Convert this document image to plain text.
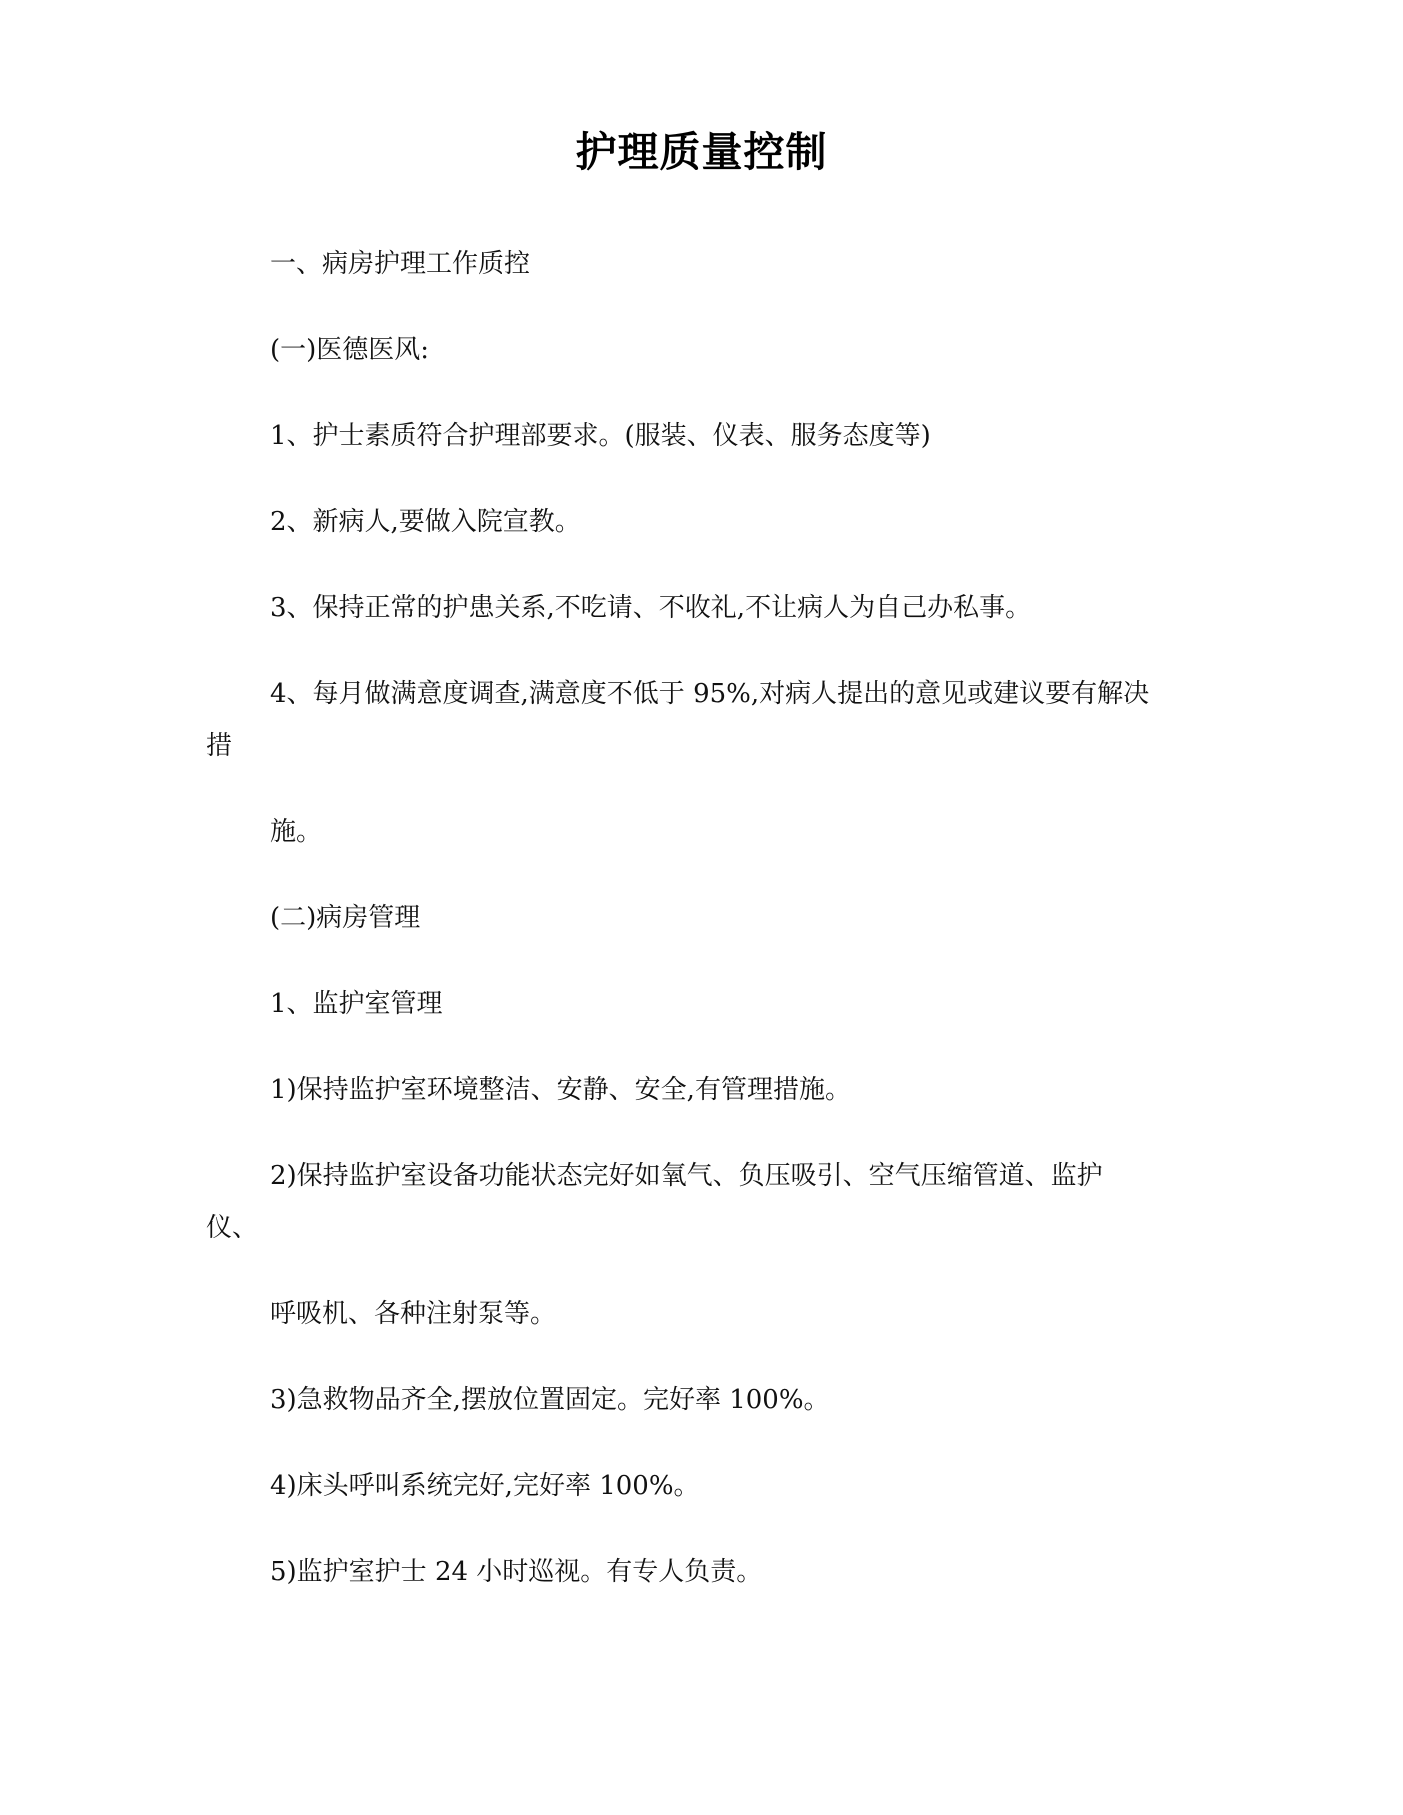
护理质量控制
一、病房护理工作质控
(一)医德医风:
1、护士素质符合护理部要求。(服装、仪表、服务态度等)
2、新病人,要做入院宣教。
3、保持正常的护患关系,不吃请、不收礼,不让病人为自己办私事。
4、每月做满意度调查,满意度不低于 95%,对病人提出的意见或建议要有解决
措
施。
(二)病房管理
1、监护室管理
1)保持监护室环境整洁、安静、安全,有管理措施。
2)保持监护室设备功能状态完好如氧气、负压吸引、空气压缩管道、监护
仪、
呼吸机、各种注射泵等。
3)急救物品齐全,摆放位置固定。完好率 100%。
4)床头呼叫系统完好,完好率 100%。
5)监护室护士 24 小时巡视。有专人负责。
